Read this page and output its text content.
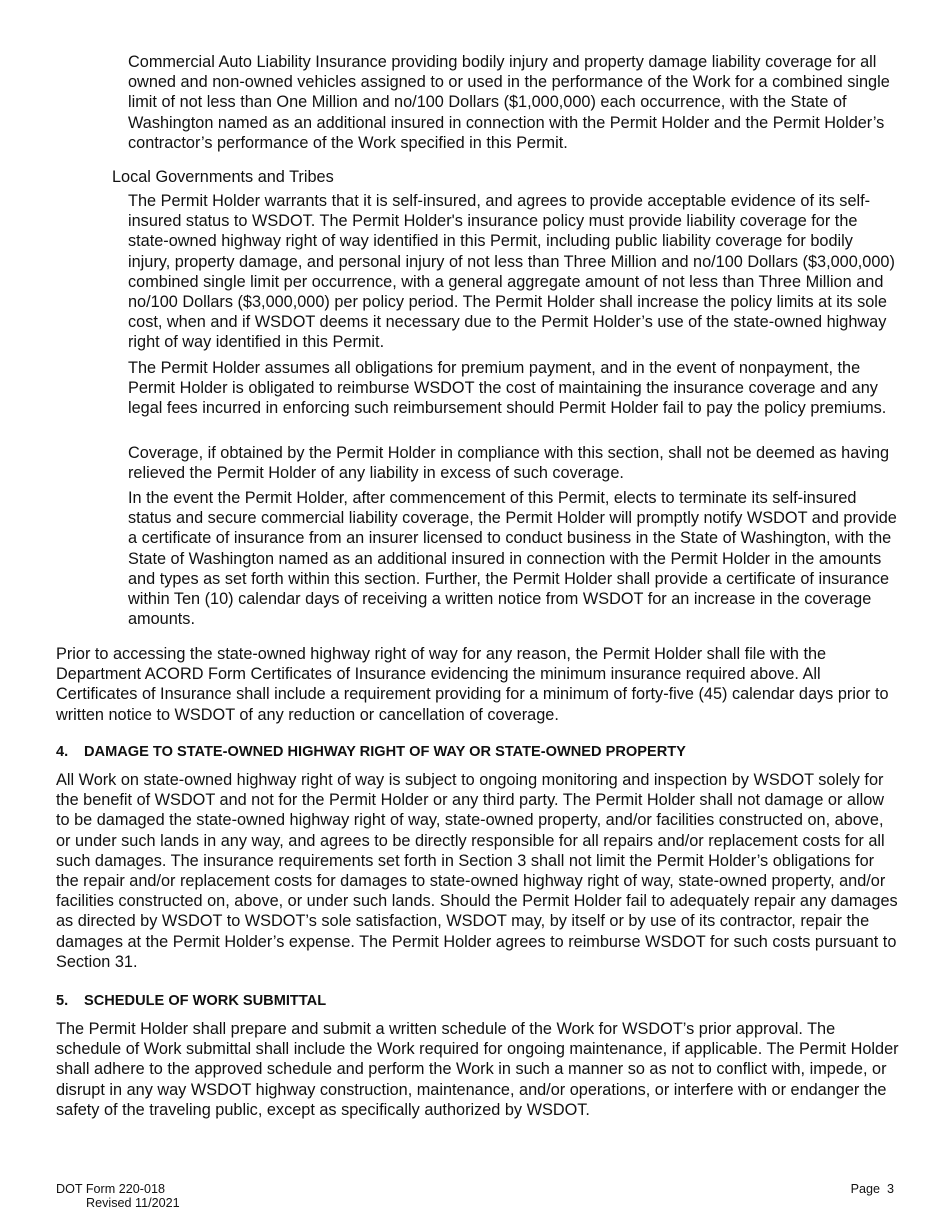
Commercial Auto Liability Insurance providing bodily injury and property damage liability coverage for all owned and non-owned vehicles assigned to or used in the performance of the Work for a combined single limit of not less than One Million and no/100 Dollars ($1,000,000) each occurrence, with the State of Washington named as an additional insured in connection with the Permit Holder and the Permit Holder’s contractor’s performance of the Work specified in this Permit.

Local Governments and Tribes

The Permit Holder warrants that it is self-insured, and agrees to provide acceptable evidence of its self-insured status to WSDOT. The Permit Holder's insurance policy must provide liability coverage for the state-owned highway right of way identified in this Permit, including public liability coverage for bodily injury, property damage, and personal injury of not less than Three Million and no/100 Dollars ($3,000,000) combined single limit per occurrence, with a general aggregate amount of not less than Three Million and no/100 Dollars ($3,000,000) per policy period. The Permit Holder shall increase the policy limits at its sole cost, when and if WSDOT deems it necessary due to the Permit Holder’s use of the state-owned highway right of way identified in this Permit.

The Permit Holder assumes all obligations for premium payment, and in the event of nonpayment, the Permit Holder is obligated to reimburse WSDOT the cost of maintaining the insurance coverage and any legal fees incurred in enforcing such reimbursement should Permit Holder fail to pay the policy premiums.

Coverage, if obtained by the Permit Holder in compliance with this section, shall not be deemed as having relieved the Permit Holder of any liability in excess of such coverage.

In the event the Permit Holder, after commencement of this Permit, elects to terminate its self-insured status and secure commercial liability coverage, the Permit Holder will promptly notify WSDOT and provide a certificate of insurance from an insurer licensed to conduct business in the State of Washington, with the State of Washington named as an additional insured in connection with the Permit Holder in the amounts and types as set forth within this section. Further, the Permit Holder shall provide a certificate of insurance within Ten (10) calendar days of receiving a written notice from WSDOT for an increase in the coverage amounts.

Prior to accessing the state-owned highway right of way for any reason, the Permit Holder shall file with the Department ACORD Form Certificates of Insurance evidencing the minimum insurance required above. All Certificates of Insurance shall include a requirement providing for a minimum of forty-five (45) calendar days prior to written notice to WSDOT of any reduction or cancellation of coverage.

4. DAMAGE TO STATE-OWNED HIGHWAY RIGHT OF WAY OR STATE-OWNED PROPERTY

All Work on state-owned highway right of way is subject to ongoing monitoring and inspection by WSDOT solely for the benefit of WSDOT and not for the Permit Holder or any third party. The Permit Holder shall not damage or allow to be damaged the state-owned highway right of way, state-owned property, and/or facilities constructed on, above, or under such lands in any way, and agrees to be directly responsible for all repairs and/or replacement costs for all such damages. The insurance requirements set forth in Section 3 shall not limit the Permit Holder’s obligations for the repair and/or replacement costs for damages to state-owned highway right of way, state-owned property, and/or facilities constructed on, above, or under such lands. Should the Permit Holder fail to adequately repair any damages as directed by WSDOT to WSDOT’s sole satisfaction, WSDOT may, by itself or by use of its contractor, repair the damages at the Permit Holder’s expense. The Permit Holder agrees to reimburse WSDOT for such costs pursuant to Section 31.

5. SCHEDULE OF WORK SUBMITTAL

The Permit Holder shall prepare and submit a written schedule of the Work for WSDOT’s prior approval. The schedule of Work submittal shall include the Work required for ongoing maintenance, if applicable. The Permit Holder shall adhere to the approved schedule and perform the Work in such a manner so as not to conflict with, impede, or disrupt in any way WSDOT highway construction, maintenance, and/or operations, or interfere with or endanger the safety of the traveling public, except as specifically authorized by WSDOT.

DOT Form 220-018
Revised 11/2021
Page  3
